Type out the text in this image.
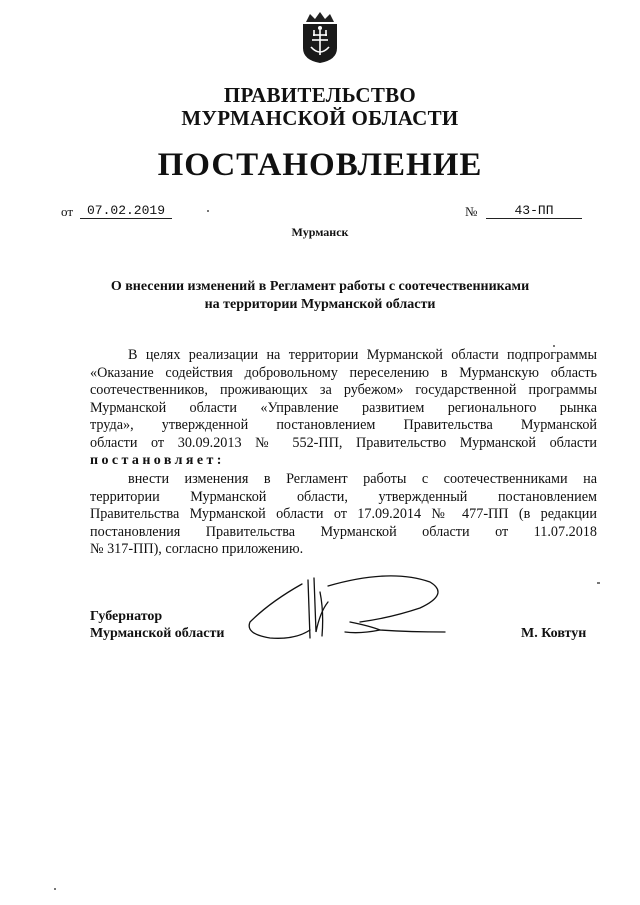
ПРАВИТЕЛЬСТВО
МУРМАНСКОЙ ОБЛАСТИ
ПОСТАНОВЛЕНИЕ
от	07.02.2019	№	43-ПП
Мурманск
О внесении изменений в Регламент работы с соотечественниками
на территории Мурманской области
В целях реализации на территории Мурманской области подпрограммы
«Оказание содействия добровольному переселению в Мурманскую область
соотечественников, проживающих за рубежом» государственной программы
Мурманской области «Управление развитием регионального рынка
труда», утвержденной постановлением Правительства Мурманской
области от 30.09.2013 № 552-ПП, Правительство Мурманской области
постановляет:
внести изменения в Регламент работы с соотечественниками на
территории Мурманской области, утвержденный постановлением
Правительства Мурманской области от 17.09.2014 № 477-ПП (в редакции
постановления Правительства Мурманской области от 11.07.2018
№ 317-ПП), согласно приложению.
Губернатор
Мурманской области	М. Ковтун
